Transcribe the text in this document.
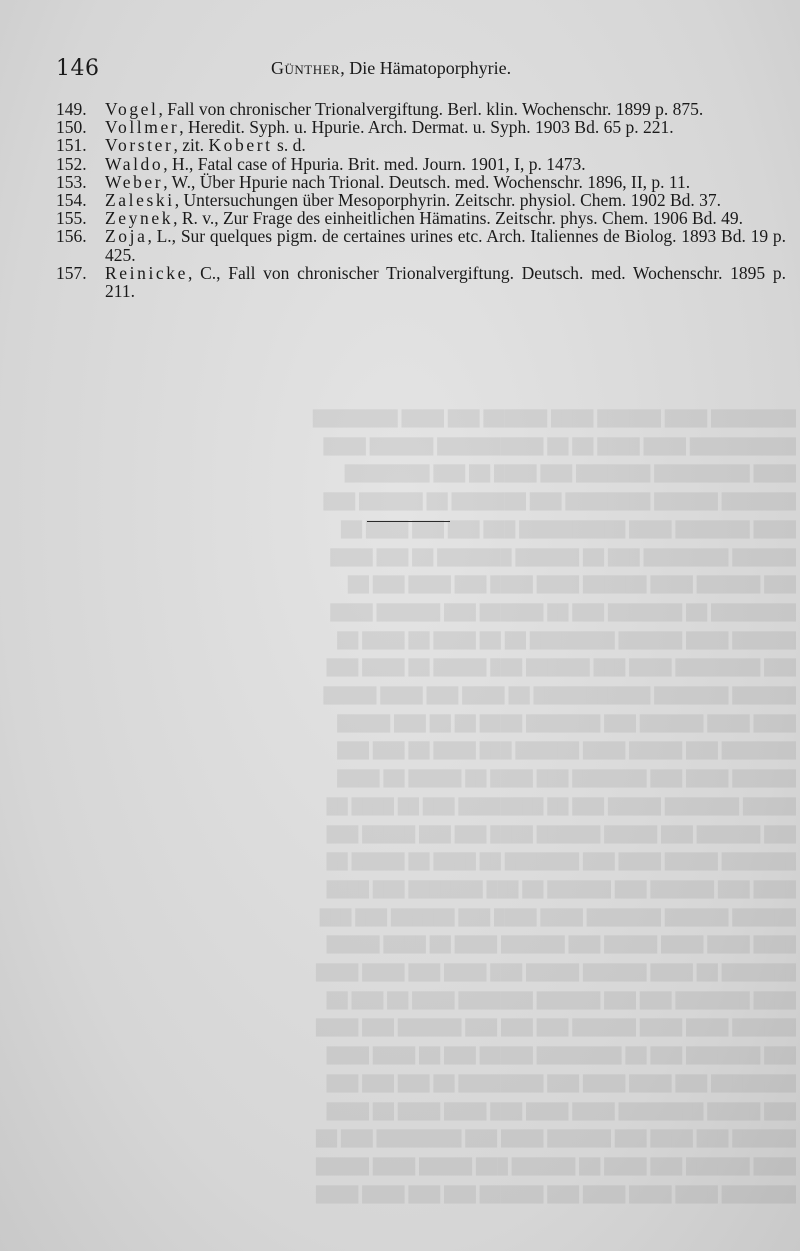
████████ ████ ██████ ████ ██████ ███ ████ ████████
██████████ ████ ████ ██ ██ ██████████ ██████ ████
████ █████████ ███████ ███ ████ ██ ███ ████████
███████ ██████ ████████ ███ ███████ ██ ██████ ███
████ ███████ ████ ██████████ ███ ███ ███ ████ ██
██████ ████████ ███ ██ ██████ ███████ ██ ███ ████
███ ██████ ████ ██████ ████ ████ ███ ████ ███ ██
████████ ██ ███████ ███ ██ ██████ ███ ██████ ████
██████ ████ ██████ ████████ ██ ██ ████ ██ ████ ██
███ ████████ ████ ███ ██████ ███ █████ ██ ████ ███
██████ ███████ ███████████ ██ ████ ███ ████ █████
████ ████ ██████ ███ ███████ ████ ██ ██ ███ █████
███████ ███ █████ ████ ██████ ███ ████ ██ ███ ███
██████ ████ ███ ███████ ███ ████ ██ █████ ██ ████
█████ ███████ █████ ███ ██ ████████ ███ ██ ████ ██
███ ██████ ███ █████ ██████ ████ ███ ███ █████ ███
███████ █████ ████ ███ ███████ ██ ████ ██ █████ ██
████ ███ ██████ ███ ██████ ██ ███ ███████ ███ ████
██████ ██████ ███████ ████ ████ ███ ██████ ███ ███
████ ████ ████ █████ ███ ██████ ████ ██ ████ █████
███████ ██ ████ ██████ █████ ███ ████ ███ ████ ████
████ ███████ ███ ███ ██████ ███████ ████ ██ ███ ██
██████ ████ ████ ██████ ███ ███ ███ ██████ ███ ████
███ ███████ ███ ██ ████████ █████ ███ ██ ████ ████
████████ ███ ████ ████ ███ ████████ ██ ███ ███ ███
███ █████ ████████ ████ ████ ███ ████ ████ ██ ████
██████ ███ ████ ███ ██████ ████ ███ ████████ ███ ██
████ ██████ ███ ████ ██ ██████ ███ █████ ████ █████
███████ ████ ████ ████ ███ ██████ ███ ███ ████ ████
146	Günther, Die Hämatoporphyrie.

149.	Vogel, Fall von chronischer Trionalvergiftung. Berl. klin. Wochenschr. 1899 p. 875.

150.	Vollmer, Heredit. Syph. u. Hpurie. Arch. Dermat. u. Syph. 1903 Bd. 65 p. 221.

151.	Vorster, zit. Kobert s. d.

152.	Waldo, H., Fatal case of Hpuria. Brit. med. Journ. 1901, I, p. 1473.

153.	Weber, W., Über Hpurie nach Trional. Deutsch. med. Wochenschr. 1896, II, p. 11.

154.	Zaleski, Untersuchungen über Mesoporphyrin. Zeitschr. physiol. Chem. 1902 Bd. 37.

155.	Zeynek, R. v., Zur Frage des einheitlichen Hämatins. Zeitschr. phys. Chem. 1906 Bd. 49.

156.	Zoja, L., Sur quelques pigm. de certaines urines etc. Arch. Italiennes de Biolog. 1893 Bd. 19 p. 425.

157.	Reinicke, C., Fall von chronischer Trionalvergiftung. Deutsch. med. Wochenschr. 1895 p. 211.
